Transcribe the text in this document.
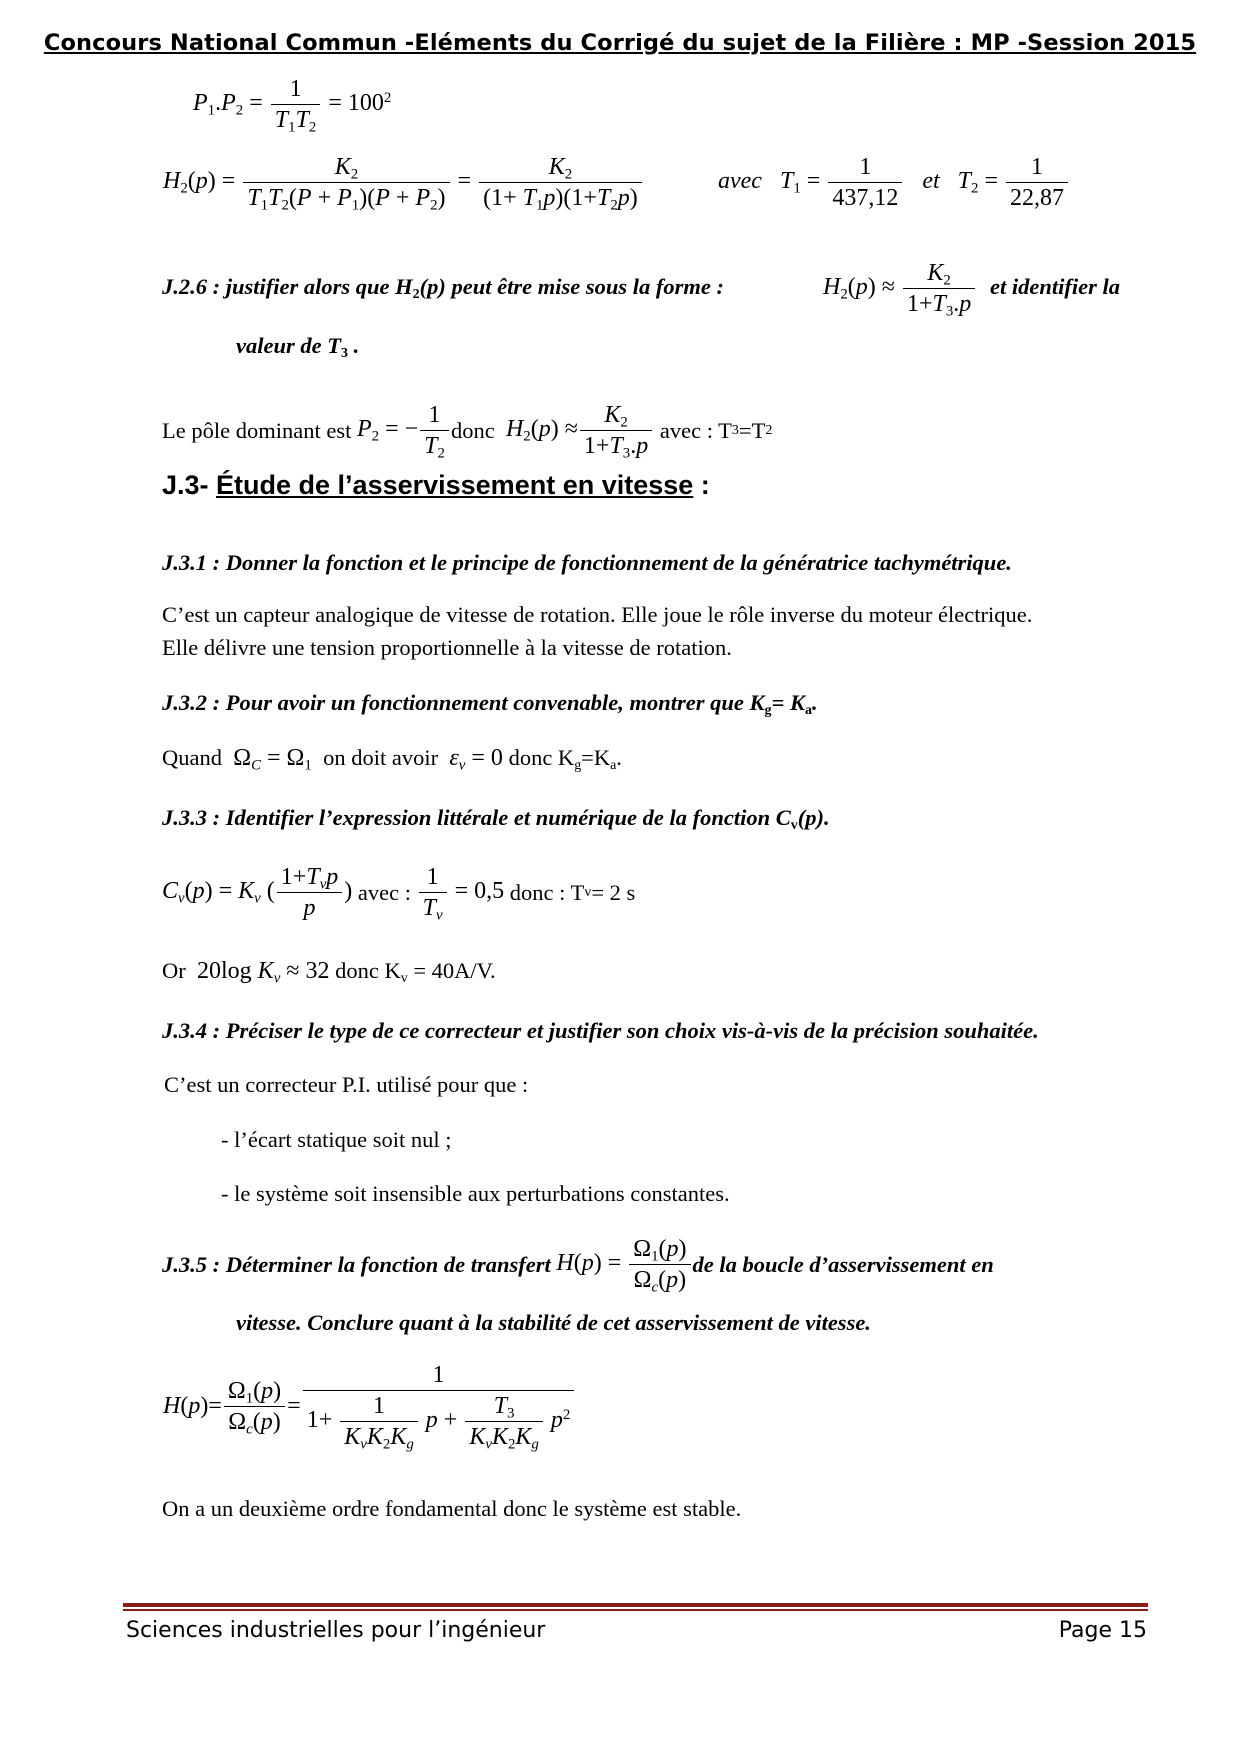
Concours National Commun -Eléments du Corrigé du sujet de la Filière : MP -Session 2015
$P_1.P_2 = \frac{1}{T_1T_2} = 100^2$
$H_2(p) = \frac{K_2}{T_1T_2(P + P_1)(P + P_2)} = \frac{K_2}{(1+ T_1p)(1+T_2p)}$	avec $T_1 = \frac{1}{437,12}$ et $T_2 = \frac{1}{22,87}$
J.2.6 : justifier alors que $H_2(p)$ peut être mise sous la forme :	$H_2(p) \approx \frac{K_2}{1+T_3.p}$ et identifier la
valeur de $T_3$ .
Le pôle dominant est
$P_2$ = − $\frac{1}{T_2}$ donc
$H_2(p) \approx \frac{K_2}{1+T_3.p}$
avec : T 3 =T 2
J.3- Étude de l’asservissement en vitesse :
J.3.1 : Donner la fonction et le principe de fonctionnement de la génératrice tachymétrique.
C’est un capteur analogique de vitesse de rotation. Elle joue le rôle inverse du moteur électrique.
Elle délivre une tension proportionnelle à la vitesse de rotation.
J.3.2 : Pour avoir un fonctionnement convenable, montrer que $K_g= K_a$.
Quand $\Omega_C = \Omega_1$ on doit avoir $\varepsilon_v = 0$ donc $K_g=K_a$.
J.3.3 : Identifier l’expression littérale et numérique de la fonction $C_v(p)$.
$C_v(p) = K_v$ ( $\frac{1+T_vp}{p}$ )
avec :
$\frac{1}{T_v} = 0,5$
donc : T v = 2 s
Or 20log $K_v \approx 32$ donc $K_v = 40A/V$.
J.3.4 : Préciser le type de ce correcteur et justifier son choix vis-à-vis de la précision souhaitée.
C’est un correcteur P.I. utilisé pour que :
- l’écart statique soit nul ;
- le système soit insensible aux perturbations constantes.
J.3.5 : Déterminer la fonction de transfert
$H(p) = \frac{\Omega_1(p)}{\Omega_c(p)}$ de la boucle d’asservissement en
vitesse. Conclure quant à la stabilité de cet asservissement de vitesse.
H ( p )= $\frac{\Omega_1(p)}{\Omega_c(p)} = \frac{1}{1+ \frac{1}{K_vK_2K_g} p + \frac{T_3}{K_vK_2K_g} p^2}$
On a un deuxième ordre fondamental donc le système est stable.
Sciences industrielles pour l’ingénieur	Page 15
